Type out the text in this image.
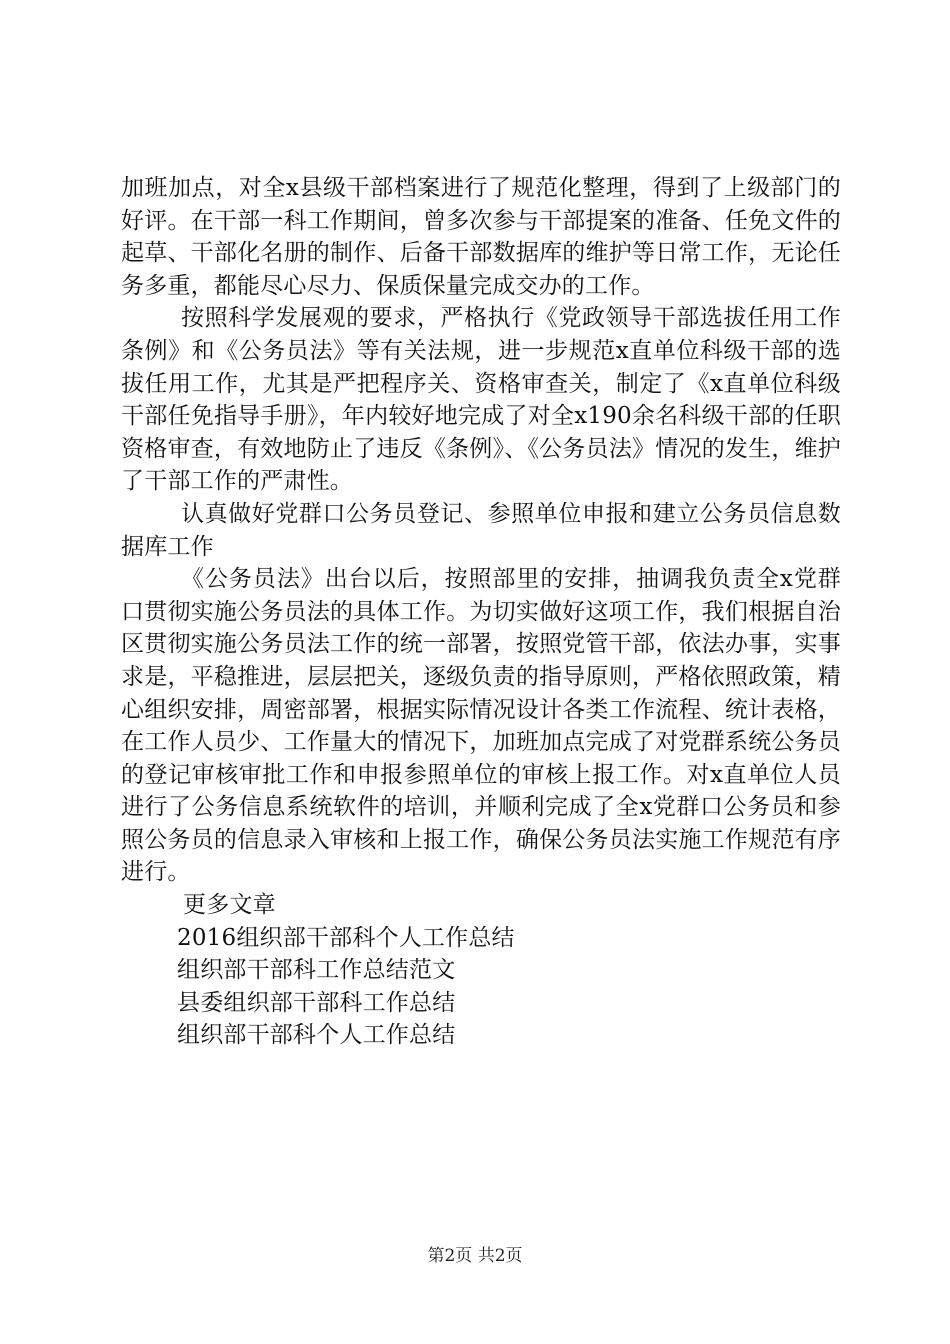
加班加点，对全x县级干部档案进行了规范化整理，得到了上级部门的好评。在干部一科工作期间，曾多次参与干部提案的准备、任免文件的起草、干部化名册的制作、后备干部数据库的维护等日常工作，无论任务多重，都能尽心尽力、保质保量完成交办的工作。

按照科学发展观的要求，严格执行《党政领导干部选拔任用工作条例》和《公务员法》等有关法规，进一步规范x直单位科级干部的选拔任用工作，尤其是严把程序关、资格审查关，制定了《x直单位科级干部任免指导手册》，年内较好地完成了对全x190余名科级干部的任职资格审查，有效地防止了违反《条例》、《公务员法》情况的发生，维护了干部工作的严肃性。

认真做好党群口公务员登记、参照单位申报和建立公务员信息数据库工作

《公务员法》出台以后，按照部里的安排，抽调我负责全x党群口贯彻实施公务员法的具体工作。为切实做好这项工作，我们根据自治区贯彻实施公务员法工作的统一部署，按照党管干部，依法办事，实事求是，平稳推进，层层把关，逐级负责的指导原则，严格依照政策，精心组织安排，周密部署，根据实际情况设计各类工作流程、统计表格，在工作人员少、工作量大的情况下，加班加点完成了对党群系统公务员的登记审核审批工作和申报参照单位的审核上报工作。对x直单位人员进行了公务信息系统软件的培训，并顺利完成了全x党群口公务员和参照公务员的信息录入审核和上报工作，确保公务员法实施工作规范有序进行。

更多文章
2016组织部干部科个人工作总结
组织部干部科工作总结范文
县委组织部干部科工作总结
组织部干部科个人工作总结
第2页 共2页
